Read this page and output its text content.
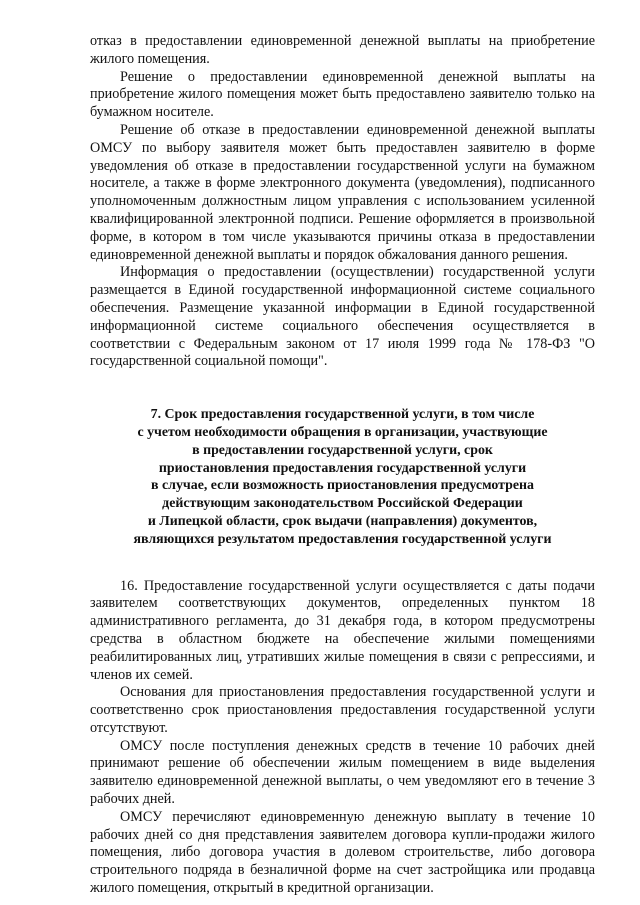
отказ в предоставлении единовременной денежной выплаты на приобретение жилого помещения.

Решение о предоставлении единовременной денежной выплаты на приобретение жилого помещения может быть предоставлено заявителю только на бумажном носителе.

Решение об отказе в предоставлении единовременной денежной выплаты ОМСУ по выбору заявителя может быть предоставлен заявителю в форме уведомления об отказе в предоставлении государственной услуги на бумажном носителе, а также в форме электронного документа (уведомления), подписанного уполномоченным должностным лицом управления с использованием усиленной квалифицированной электронной подписи. Решение оформляется в произвольной форме, в котором в том числе указываются причины отказа в предоставлении единовременной денежной выплаты и порядок обжалования данного решения.

Информация о предоставлении (осуществлении) государственной услуги размещается в Единой государственной информационной системе социального обеспечения. Размещение указанной информации в Единой государственной информационной системе социального обеспечения осуществляется в соответствии с Федеральным законом от 17 июля 1999 года № 178-ФЗ "О государственной социальной помощи".

7. Срок предоставления государственной услуги, в том числе
с учетом необходимости обращения в организации, участвующие
в предоставлении государственной услуги, срок
приостановления предоставления государственной услуги
в случае, если возможность приостановления предусмотрена
действующим законодательством Российской Федерации
и Липецкой области, срок выдачи (направления) документов,
являющихся результатом предоставления государственной услуги

16. Предоставление государственной услуги осуществляется с даты подачи заявителем соответствующих документов, определенных пунктом 18 административного регламента, до 31 декабря года, в котором предусмотрены средства в областном бюджете на обеспечение жилыми помещениями реабилитированных лиц, утративших жилые помещения в связи с репрессиями, и членов их семей.

Основания для приостановления предоставления государственной услуги и соответственно срок приостановления предоставления государственной услуги отсутствуют.

ОМСУ после поступления денежных средств в течение 10 рабочих дней принимают решение об обеспечении жилым помещением в виде выделения заявителю единовременной денежной выплаты, о чем уведомляют его в течение 3 рабочих дней.

ОМСУ перечисляют единовременную денежную выплату в течение 10 рабочих дней со дня представления заявителем договора купли-продажи жилого помещения, либо договора участия в долевом строительстве, либо договора строительного подряда в безналичной форме на счет застройщика или продавца жилого помещения, открытый в кредитной организации.
